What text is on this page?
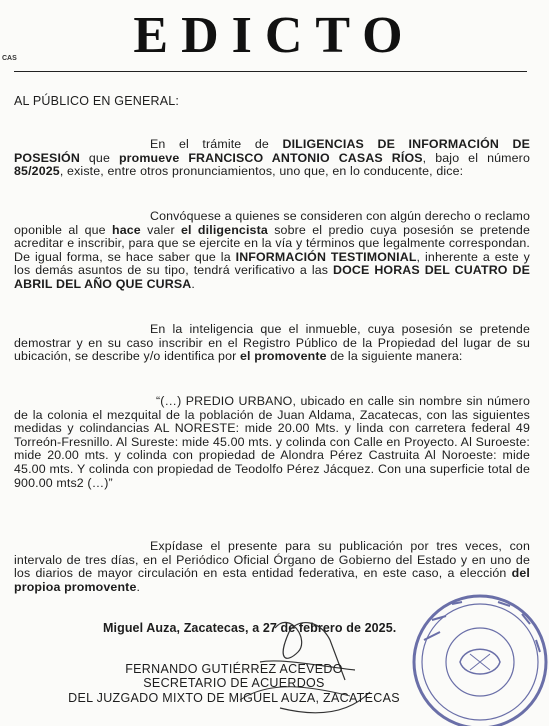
EDICTO
CAS
AL PÚBLICO EN GENERAL:

En el trámite de DILIGENCIAS DE INFORMACIÓN DE POSESIÓN que promueve FRANCISCO ANTONIO CASAS RÍOS, bajo el número 85/2025, existe, entre otros pronunciamientos, uno que, en lo conducente, dice:

Convóquese a quienes se consideren con algún derecho o reclamo oponible al que hace valer el diligencista sobre el predio cuya posesión se pretende acreditar e inscribir, para que se ejercite en la vía y términos que legalmente correspondan. De igual forma, se hace saber que la INFORMACIÓN TESTIMONIAL, inherente a este y los demás asuntos de su tipo, tendrá verificativo a las DOCE HORAS DEL CUATRO DE ABRIL DEL AÑO QUE CURSA.

En la inteligencia que el inmueble, cuya posesión se pretende demostrar y en su caso inscribir en el Registro Público de la Propiedad del lugar de su ubicación, se describe y/o identifica por el promovente de la siguiente manera:

“(…) PREDIO URBANO, ubicado en calle sin nombre sin número de la colonia el mezquital de la población de Juan Aldama, Zacatecas, con las siguientes medidas y colindancias AL NORESTE: mide 20.00 Mts. y linda con carretera federal 49 Torreón-Fresnillo. Al Sureste: mide 45.00 mts. y colinda con Calle en Proyecto. Al Suroeste: mide 20.00 mts. y colinda con propiedad de Alondra Pérez Castruita Al Noroeste: mide 45.00 mts. Y colinda con propiedad de Teodolfo Pérez Jácquez. Con una superficie total de 900.00 mts2 (…)”

Expídase el presente para su publicación por tres veces, con intervalo de tres días, en el Periódico Oficial Órgano de Gobierno del Estado y en uno de los diarios de mayor circulación en esta entidad federativa, en este caso, a elección del propioa promovente.

Miguel Auza, Zacatecas, a 27 de febrero de 2025.
FERNANDO GUTIÉRREZ ACEVEDO
SECRETARIO DE ACUERDOS
DEL JUZGADO MIXTO DE MIGUEL AUZA, ZACATECAS
